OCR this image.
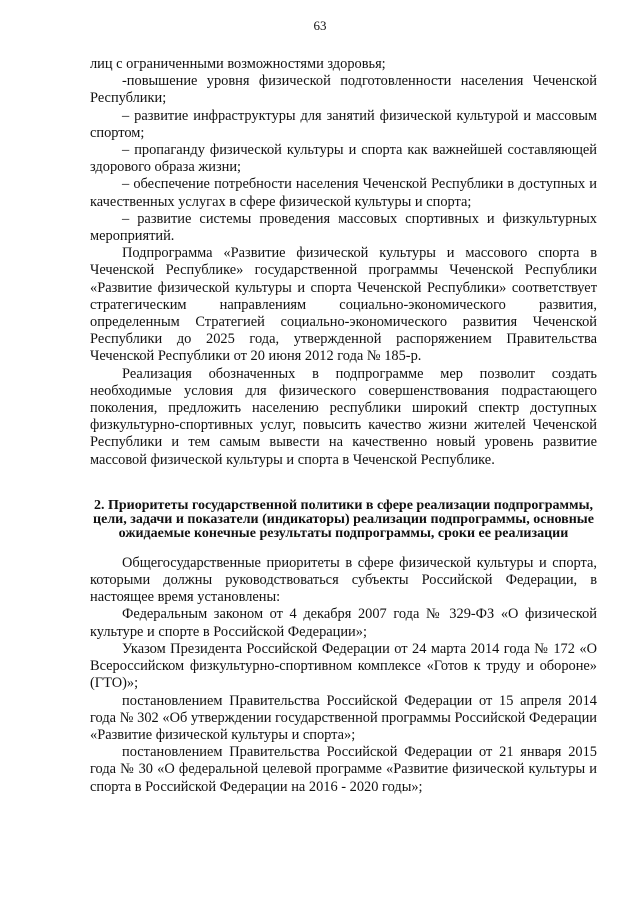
63

лиц с ограниченными возможностями здоровья;

-повышение уровня физической подготовленности населения Чеченской Республики;

– развитие инфраструктуры для занятий физической культурой и массовым спортом;

– пропаганду физической культуры и спорта как важнейшей составляющей здорового образа жизни;

– обеспечение потребности населения Чеченской Республики в доступных и качественных услугах в сфере физической культуры и спорта;

– развитие системы проведения массовых спортивных и физкультурных мероприятий.

Подпрограмма «Развитие физической культуры и массового спорта в Чеченской Республике» государственной программы Чеченской Республики «Развитие физической культуры и спорта Чеченской Республики» соответствует стратегическим направлениям социально-экономического развития, определенным Стратегией социально-экономического развития Чеченской Республики до 2025 года, утвержденной распоряжением Правительства Чеченской Республики от 20 июня 2012 года № 185-р.

Реализация обозначенных в подпрограмме мер позволит создать необходимые условия для физического совершенствования подрастающего поколения, предложить населению республики широкий спектр доступных физкультурно-спортивных услуг, повысить качество жизни жителей Чеченской Республики и тем самым вывести на качественно новый уровень развитие массовой физической культуры и спорта в Чеченской Республике.

2. Приоритеты государственной политики в сфере реализации подпрограммы, цели, задачи и показатели (индикаторы) реализации подпрограммы, основные ожидаемые конечные результаты подпрограммы, сроки ее реализации

Общегосударственные приоритеты в сфере физической культуры и спорта, которыми должны руководствоваться субъекты Российской Федерации, в настоящее время установлены:

Федеральным законом от 4 декабря 2007 года № 329-ФЗ «О физической культуре и спорте в Российской Федерации»;

Указом Президента Российской Федерации от 24 марта 2014 года № 172 «О Всероссийском физкультурно-спортивном комплексе «Готов к труду и обороне» (ГТО)»;

постановлением Правительства Российской Федерации от 15 апреля 2014 года № 302 «Об утверждении государственной программы Российской Федерации «Развитие физической культуры и спорта»;

постановлением Правительства Российской Федерации от 21 января 2015 года № 30 «О федеральной целевой программе «Развитие физической культуры и спорта в Российской Федерации на 2016 - 2020 годы»;
